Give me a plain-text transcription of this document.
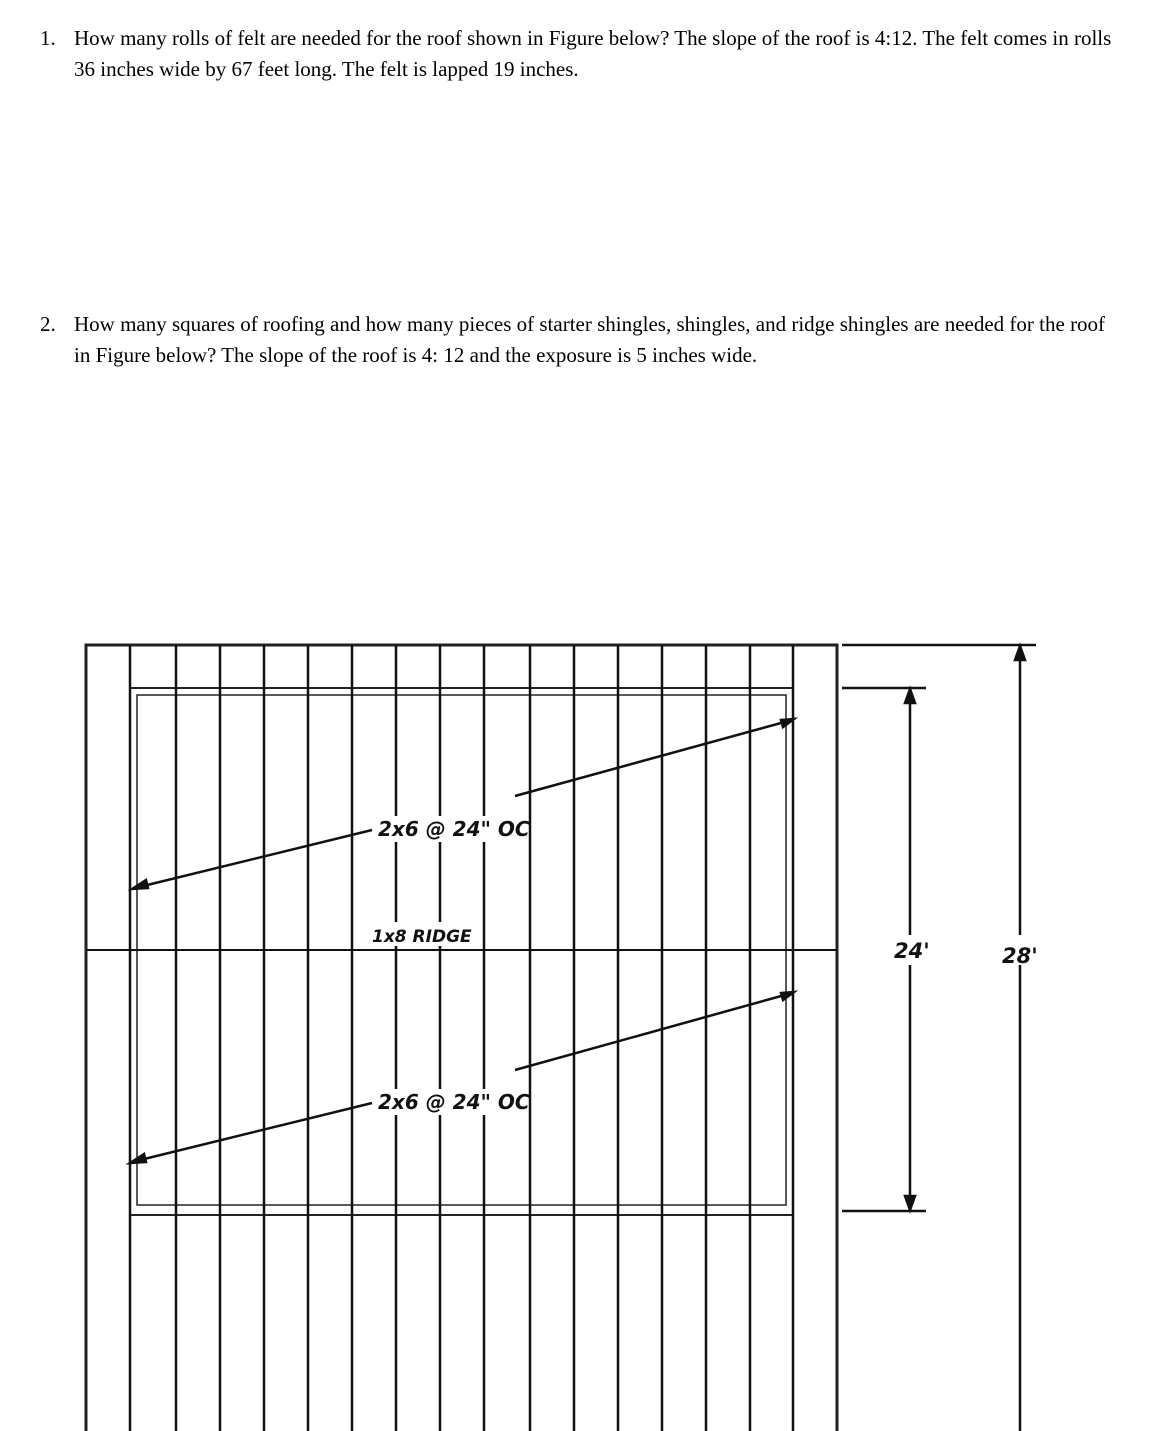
1. How many rolls of felt are needed for the roof shown in Figure below? The slope of the roof is 4:12. The felt comes in rolls 36 inches wide by 67 feet long. The felt is lapped 19 inches.
2. How many squares of roofing and how many pieces of starter shingles, shingles, and ridge shingles are needed for the roof in Figure below? The slope of the roof is 4: 12 and the exposure is 5 inches wide.
2x6 @ 24" OC
1x8 RIDGE
2x6 @ 24" OC
24'	28'
